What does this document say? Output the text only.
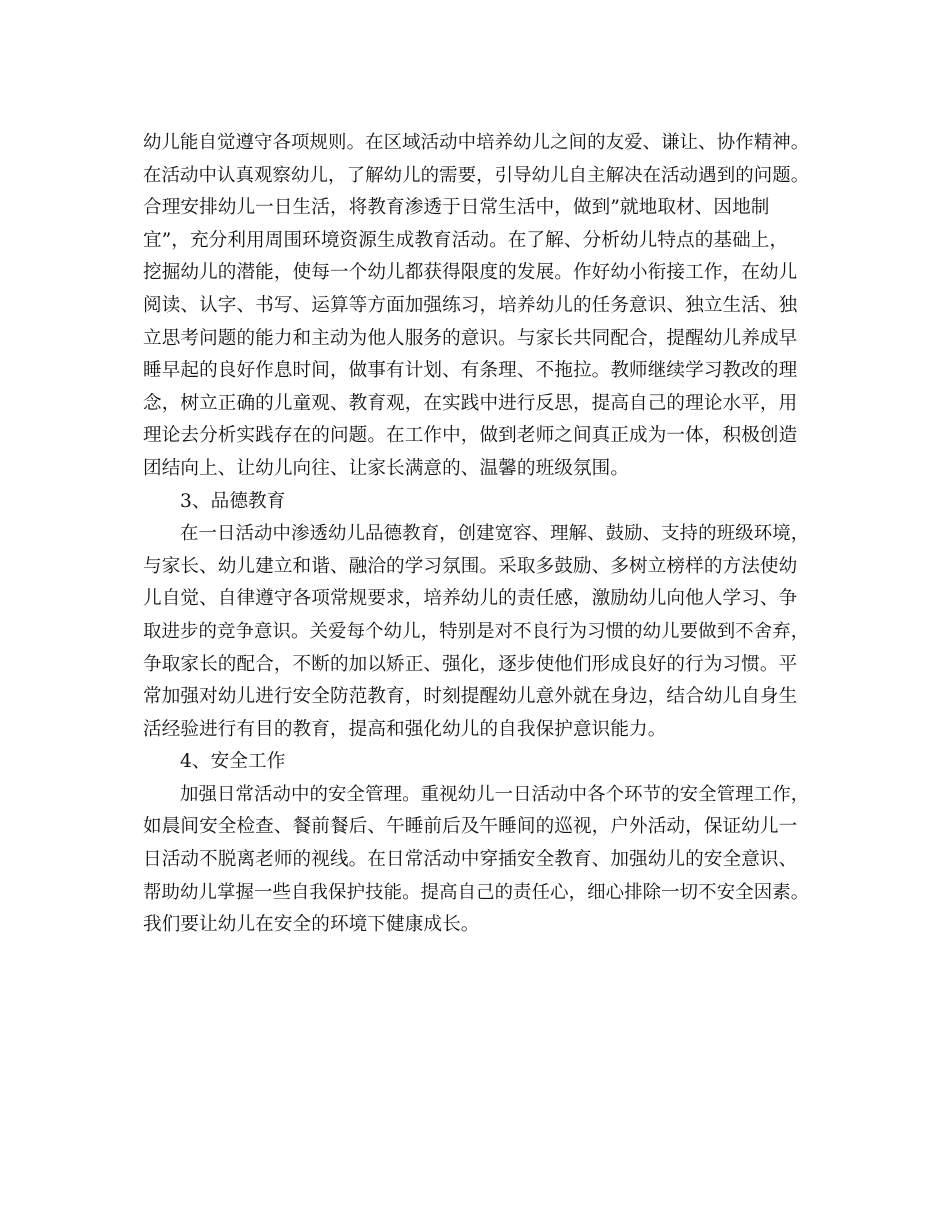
幼儿能自觉遵守各项规则。在区域活动中培养幼儿之间的友爱、谦让、协作精神。
在活动中认真观察幼儿，了解幼儿的需要，引导幼儿自主解决在活动遇到的问题。
合理安排幼儿一日生活，将教育渗透于日常生活中，做到”就地取材、因地制
宜”，充分利用周围环境资源生成教育活动。在了解、分析幼儿特点的基础上，
挖掘幼儿的潜能，使每一个幼儿都获得限度的发展。作好幼小衔接工作，在幼儿
阅读、认字、书写、运算等方面加强练习，培养幼儿的任务意识、独立生活、独
立思考问题的能力和主动为他人服务的意识。与家长共同配合，提醒幼儿养成早
睡早起的良好作息时间，做事有计划、有条理、不拖拉。教师继续学习教改的理
念，树立正确的儿童观、教育观，在实践中进行反思，提高自己的理论水平，用
理论去分析实践存在的问题。在工作中，做到老师之间真正成为一体，积极创造
团结向上、让幼儿向往、让家长满意的、温馨的班级氛围。
3、品德教育
在一日活动中渗透幼儿品德教育，创建宽容、理解、鼓励、支持的班级环境，
与家长、幼儿建立和谐、融洽的学习氛围。采取多鼓励、多树立榜样的方法使幼
儿自觉、自律遵守各项常规要求，培养幼儿的责任感，激励幼儿向他人学习、争
取进步的竞争意识。关爱每个幼儿，特别是对不良行为习惯的幼儿要做到不舍弃，
争取家长的配合，不断的加以矫正、强化，逐步使他们形成良好的行为习惯。平
常加强对幼儿进行安全防范教育，时刻提醒幼儿意外就在身边，结合幼儿自身生
活经验进行有目的教育，提高和强化幼儿的自我保护意识能力。
4、安全工作
加强日常活动中的安全管理。重视幼儿一日活动中各个环节的安全管理工作，
如晨间安全检查、餐前餐后、午睡前后及午睡间的巡视，户外活动，保证幼儿一
日活动不脱离老师的视线。在日常活动中穿插安全教育、加强幼儿的安全意识、
帮助幼儿掌握一些自我保护技能。提高自己的责任心，细心排除一切不安全因素。
我们要让幼儿在安全的环境下健康成长。
